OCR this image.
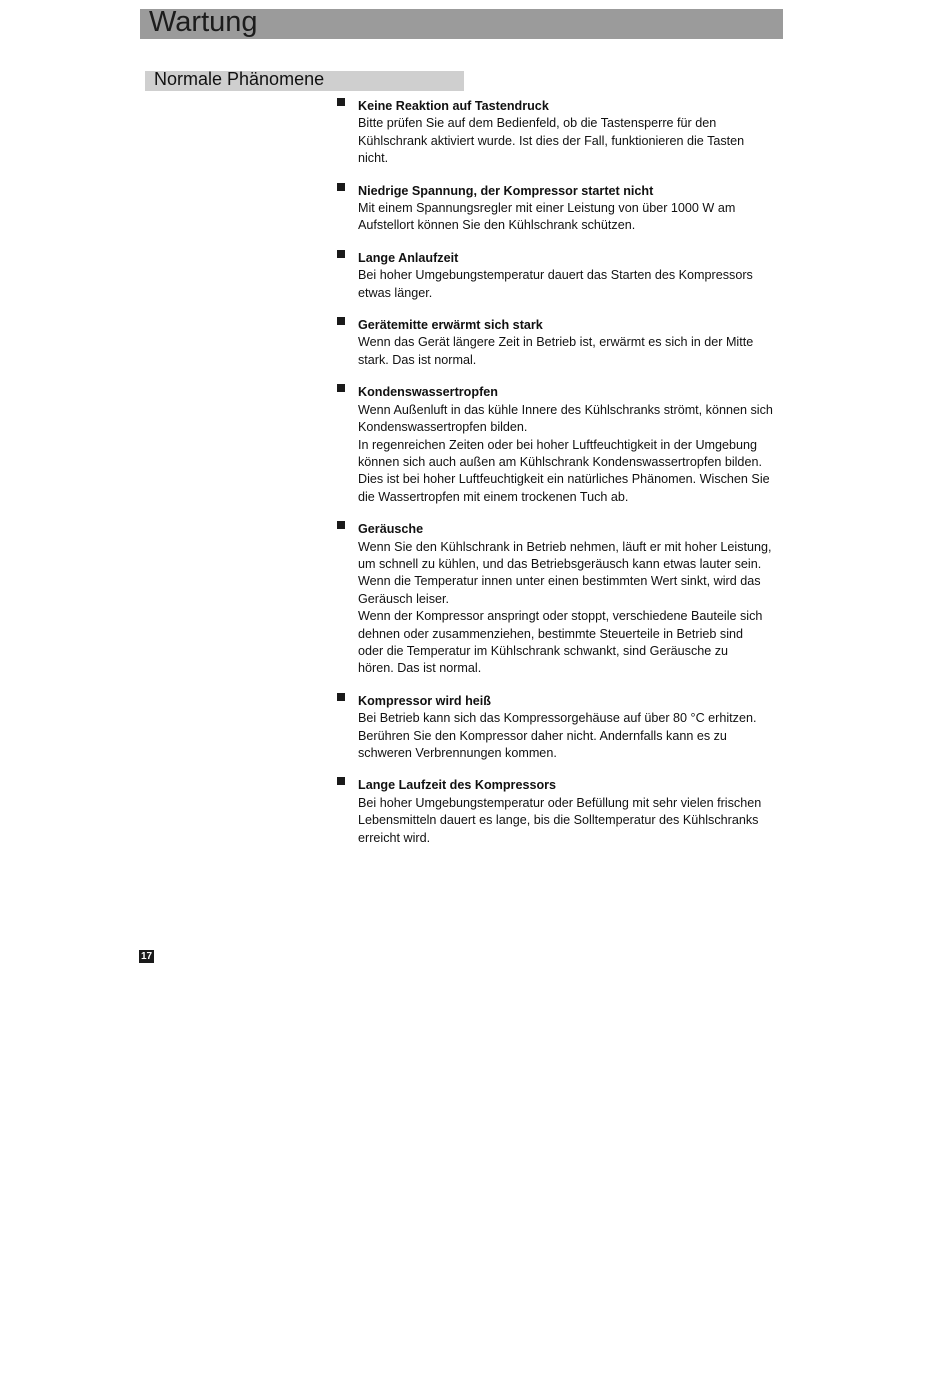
Wartung
Normale Phänomene
Keine Reaktion auf Tastendruck
Bitte prüfen Sie auf dem Bedienfeld, ob die Tastensperre für den
Kühlschrank aktiviert wurde. Ist dies der Fall, funktionieren die Tasten
nicht.
Niedrige Spannung, der Kompressor startet nicht
Mit einem Spannungsregler mit einer Leistung von über 1000 W am
Aufstellort können Sie den Kühlschrank schützen.
Lange Anlaufzeit
Bei hoher Umgebungstemperatur dauert das Starten des Kompressors
etwas länger.
Gerätemitte erwärmt sich stark
Wenn das Gerät längere Zeit in Betrieb ist, erwärmt es sich in der Mitte
stark. Das ist normal.
Kondenswassertropfen
Wenn Außenluft in das kühle Innere des Kühlschranks strömt, können sich
Kondenswassertropfen bilden.
In regenreichen Zeiten oder bei hoher Luftfeuchtigkeit in der Umgebung
können sich auch außen am Kühlschrank Kondenswassertropfen bilden.
Dies ist bei hoher Luftfeuchtigkeit ein natürliches Phänomen. Wischen Sie
die Wassertropfen mit einem trockenen Tuch ab.
Geräusche
Wenn Sie den Kühlschrank in Betrieb nehmen, läuft er mit hoher Leistung,
um schnell zu kühlen, und das Betriebsgeräusch kann etwas lauter sein.
Wenn die Temperatur innen unter einen bestimmten Wert sinkt, wird das
Geräusch leiser.
Wenn der Kompressor anspringt oder stoppt, verschiedene Bauteile sich
dehnen oder zusammenziehen, bestimmte Steuerteile in Betrieb sind
oder die Temperatur im Kühlschrank schwankt, sind Geräusche zu
hören. Das ist normal.
Kompressor wird heiß
Bei Betrieb kann sich das Kompressorgehäuse auf über 80 °C erhitzen.
Berühren Sie den Kompressor daher nicht. Andernfalls kann es zu
schweren Verbrennungen kommen.
Lange Laufzeit des Kompressors
Bei hoher Umgebungstemperatur oder Befüllung mit sehr vielen frischen
Lebensmitteln dauert es lange, bis die Solltemperatur des Kühlschranks
erreicht wird.
17
